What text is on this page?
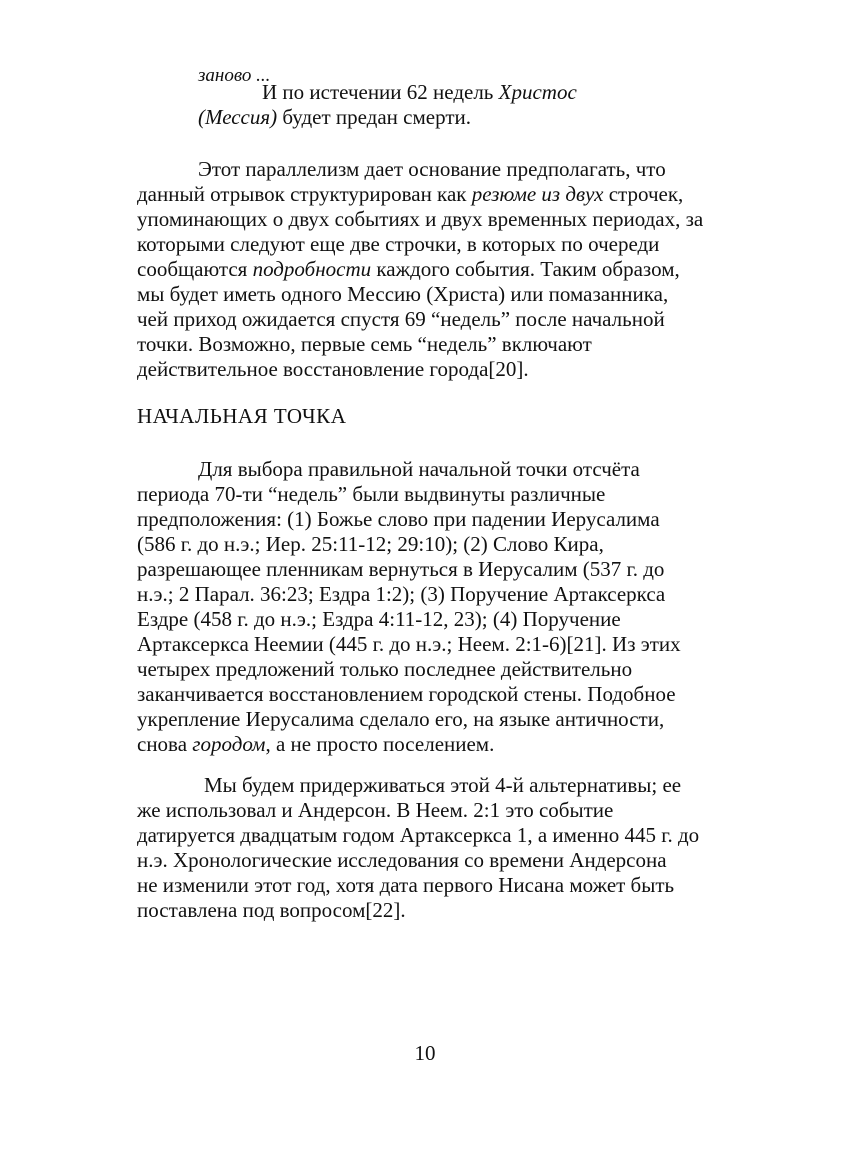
заново ...
И по истечении 62 недель Христос
(Мессия) будет предан смерти.
Этот параллелизм дает основание предполагать, что
данный отрывок структурирован как резюме из двух строчек,
упоминающих о двух событиях и двух временных периодах, за
которыми следуют еще две строчки, в которых по очереди
сообщаются подробности каждого события. Таким образом,
мы будет иметь одного Мессию (Христа) или помазанника,
чей приход ожидается спустя 69 “недель” после начальной
точки. Возможно, первые семь “недель” включают
действительное восстановление города[20].
НАЧАЛЬНАЯ ТОЧКА
Для выбора правильной начальной точки отсчёта
периода 70-ти “недель” были выдвинуты различные
предположения: (1) Божье слово при падении Иерусалима
(586 г. до н.э.; Иер. 25:11-12; 29:10); (2) Слово Кира,
разрешающее пленникам вернуться в Иерусалим (537 г. до
н.э.; 2 Парал. 36:23; Ездра 1:2); (3) Поручение Артаксеркса
Ездре (458 г. до н.э.; Ездра 4:11-12, 23); (4) Поручение
Артаксеркса Неемии (445 г. до н.э.; Неем. 2:1-6)[21]. Из этих
четырех предложений только последнее действительно
заканчивается восстановлением городской стены. Подобное
укрепление Иерусалима сделало его, на языке античности,
снова городом, а не просто поселением.
Мы будем придерживаться этой 4-й альтернативы; ее
же использовал и Андерсон. В Неем. 2:1 это событие
датируется двадцатым годом Артаксеркса 1, а именно 445 г. до
н.э. Хронологические исследования со времени Андерсона
не изменили этот год, хотя дата первого Нисана может быть
поставлена под вопросом[22].
10
